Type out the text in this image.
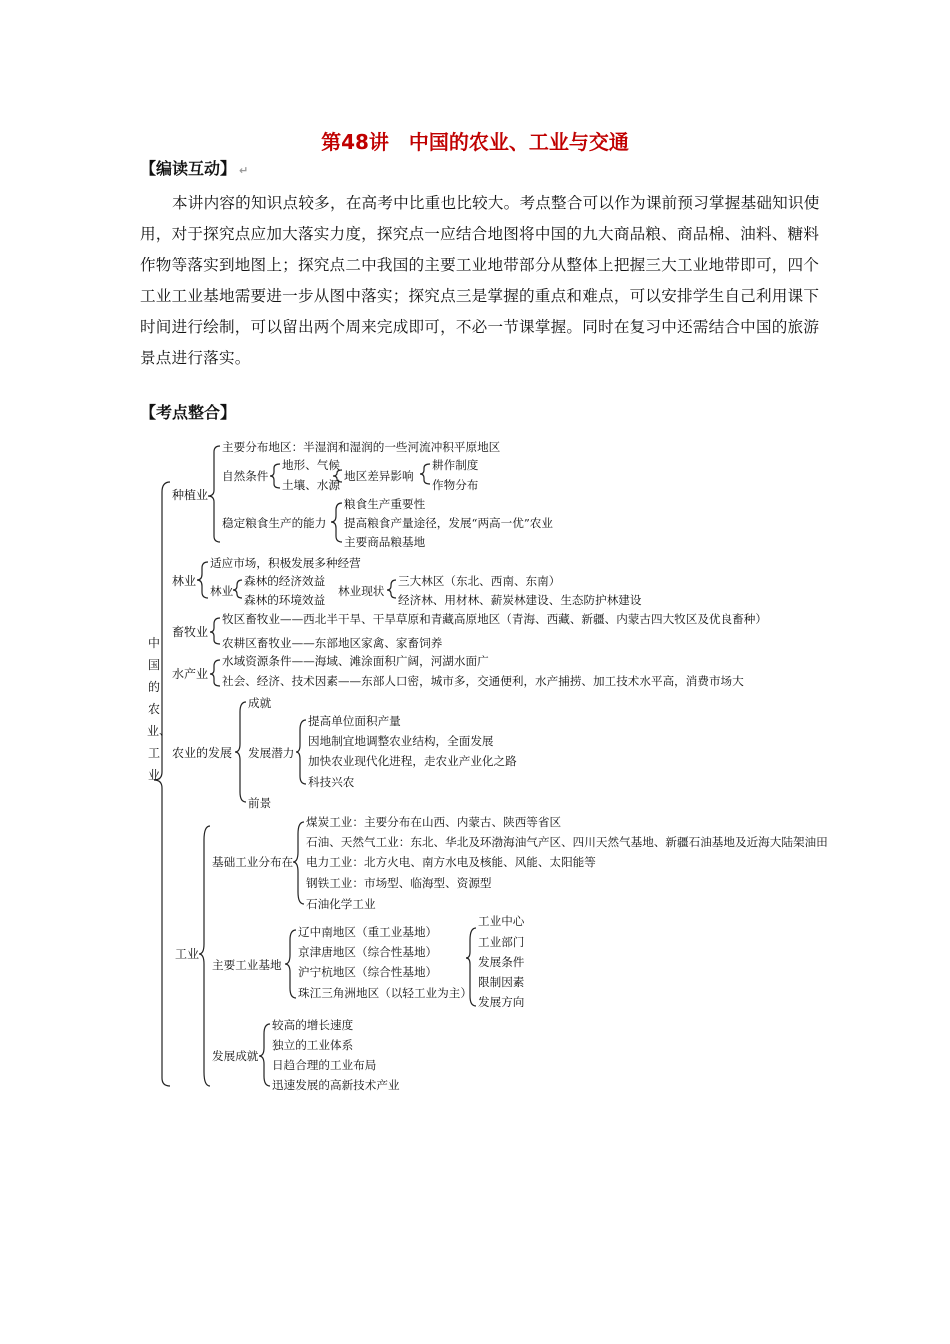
第48讲　中国的农业、工业与交通
【编读互动】 ↵
本讲内容的知识点较多，在高考中比重也比较大。考点整合可以作为课前预习掌握基础知识使用，对于探究点应加大落实力度，探究点一应结合地图将中国的九大商品粮、商品棉、油料、糖料作物等落实到地图上；探究点二中我国的主要工业地带部分从整体上把握三大工业地带即可，四个工业工业基地需要进一步从图中落实；探究点三是掌握的重点和难点，可以安排学生自己利用课下时间进行绘制，可以留出两个周来完成即可，不必一节课掌握。同时在复习中还需结合中国的旅游景点进行落实。
【考点整合】
中国的农业、工业
种植业
主要分布地区：半湿润和湿润的一些河流冲积平原地区
自然条件
地形、气候
土壤、水源
地区差异影响
耕作制度
作物分布
稳定粮食生产的能力
粮食生产重要性
提高粮食产量途径，发展“两高一优”农业
主要商品粮基地
林业
适应市场，积极发展多种经营
林业
森林的经济效益
森林的环境效益
林业现状
三大林区（东北、西南、东南）
经济林、用材林、薪炭林建设、生态防护林建设
畜牧业
牧区畜牧业——西北半干旱、干旱草原和青藏高原地区（青海、西藏、新疆、内蒙古四大牧区及优良畜种）
农耕区畜牧业——东部地区家禽、家畜饲养
水产业
水域资源条件——海域、滩涂面积广阔，河湖水面广
社会、经济、技术因素——东部人口密，城市多，交通便利，水产捕捞、加工技术水平高，消费市场大
农业的发展
成就
发展潜力
提高单位面积产量
因地制宜地调整农业结构，全面发展
加快农业现代化进程，走农业产业化之路
科技兴农
前景
工业
基础工业分布在
煤炭工业：主要分布在山西、内蒙古、陕西等省区
石油、天然气工业：东北、华北及环渤海油气产区、四川天然气基地、新疆石油基地及近海大陆架油田
电力工业：北方火电、南方水电及核能、风能、太阳能等
钢铁工业：市场型、临海型、资源型
石油化学工业
主要工业基地
辽中南地区（重工业基地）
京津唐地区（综合性基地）
沪宁杭地区（综合性基地）
珠江三角洲地区（以轻工业为主）
工业中心
工业部门
发展条件
限制因素
发展方向
发展成就
较高的增长速度
独立的工业体系
日趋合理的工业布局
迅速发展的高新技术产业
